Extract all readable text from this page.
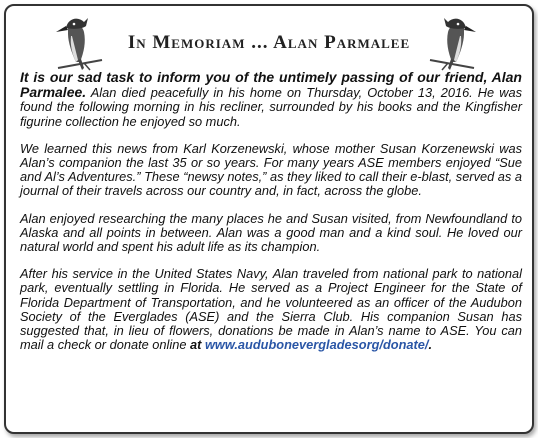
In Memoriam ... Alan Parmalee

It is our sad task to inform you of the untimely passing of our friend, Alan Parmalee. Alan died peacefully in his home on Thursday, October 13, 2016. He was found the following morning in his recliner, surrounded by his books and the Kingfisher figurine collection he enjoyed so much.

We learned this news from Karl Korzenewski, whose mother Susan Korzenewski was Alan’s companion the last 35 or so years. For many years ASE members enjoyed “Sue and Al’s Adventures.” These “newsy notes,” as they liked to call their e-blast, served as a journal of their travels across our country and, in fact, across the globe.

Alan enjoyed researching the many places he and Susan visited, from Newfoundland to Alaska and all points in between. Alan was a good man and a kind soul. He loved our natural world and spent his adult life as its champion.

After his service in the United States Navy, Alan traveled from national park to national park, eventually settling in Florida. He served as a Project Engineer for the State of Florida Department of Transportation, and he volunteered as an officer of the Audubon Society of the Everglades (ASE) and the Sierra Club. His companion Susan has suggested that, in lieu of flowers, donations be made in Alan’s name to ASE. You can mail a check or donate online at www.audubonevergladesorg/donate/.
